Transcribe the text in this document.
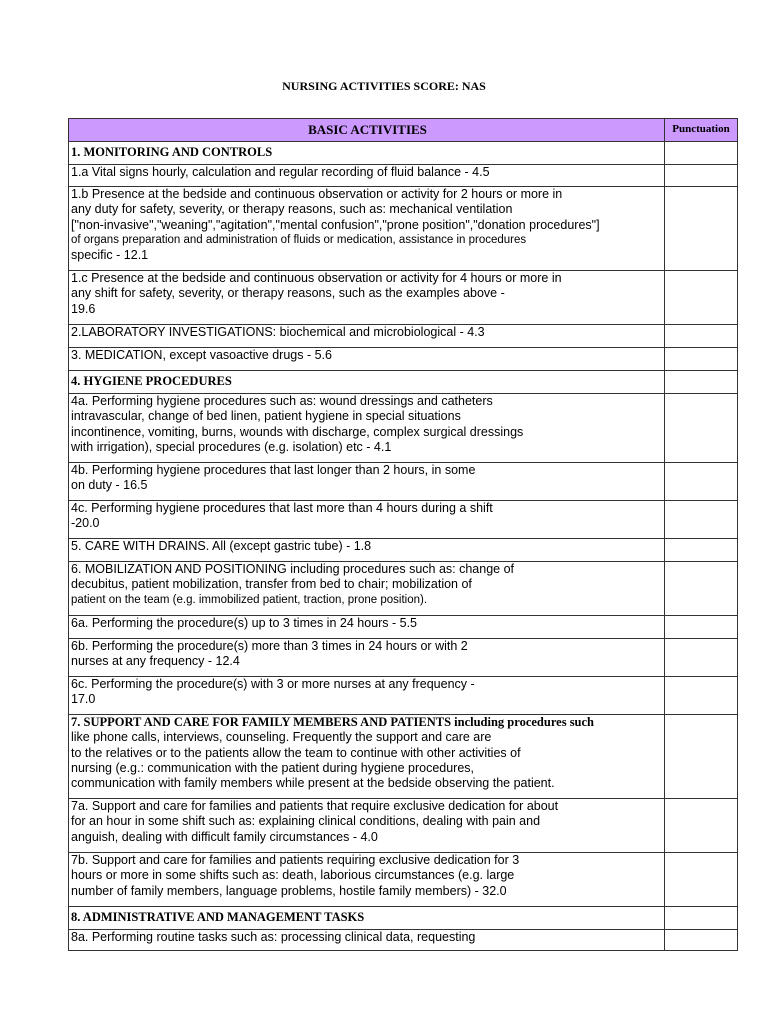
NURSING ACTIVITIES SCORE: NAS
BASIC ACTIVITIES	Punctuation
1. MONITORING AND CONTROLS	

1.a Vital signs hourly, calculation and regular recording of fluid balance - 4.5	

1.b Presence at the bedside and continuous observation or activity for 2 hours or more in
any duty for safety, severity, or therapy reasons, such as: mechanical ventilation
["non-invasive","weaning","agitation","mental confusion","prone position","donation procedures"]
of organs preparation and administration of fluids or medication, assistance in procedures
specific - 12.1	

1.c Presence at the bedside and continuous observation or activity for 4 hours or more in
any shift for safety, severity, or therapy reasons, such as the examples above -
19.6	

2.LABORATORY INVESTIGATIONS: biochemical and microbiological - 4.3	

3. MEDICATION, except vasoactive drugs - 5.6	

4. HYGIENE PROCEDURES	

4a. Performing hygiene procedures such as: wound dressings and catheters
intravascular, change of bed linen, patient hygiene in special situations
incontinence, vomiting, burns, wounds with discharge, complex surgical dressings
with irrigation), special procedures (e.g. isolation) etc - 4.1	

4b. Performing hygiene procedures that last longer than 2 hours, in some
on duty - 16.5	

4c. Performing hygiene procedures that last more than 4 hours during a shift
-20.0	

5. CARE WITH DRAINS. All (except gastric tube) - 1.8	

6. MOBILIZATION AND POSITIONING including procedures such as: change of
decubitus, patient mobilization, transfer from bed to chair; mobilization of
patient on the team (e.g. immobilized patient, traction, prone position).	

6a. Performing the procedure(s) up to 3 times in 24 hours - 5.5	

6b. Performing the procedure(s) more than 3 times in 24 hours or with 2
nurses at any frequency - 12.4	

6c. Performing the procedure(s) with 3 or more nurses at any frequency -
17.0	

7. SUPPORT AND CARE FOR FAMILY MEMBERS AND PATIENTS including procedures such
like phone calls, interviews, counseling. Frequently the support and care are
to the relatives or to the patients allow the team to continue with other activities of
nursing (e.g.: communication with the patient during hygiene procedures,
communication with family members while present at the bedside observing the patient.	

7a. Support and care for families and patients that require exclusive dedication for about
for an hour in some shift such as: explaining clinical conditions, dealing with pain and
anguish, dealing with difficult family circumstances - 4.0	

7b. Support and care for families and patients requiring exclusive dedication for 3
hours or more in some shifts such as: death, laborious circumstances (e.g. large
number of family members, language problems, hostile family members) - 32.0	

8. ADMINISTRATIVE AND MANAGEMENT TASKS	

8a. Performing routine tasks such as: processing clinical data, requesting	
